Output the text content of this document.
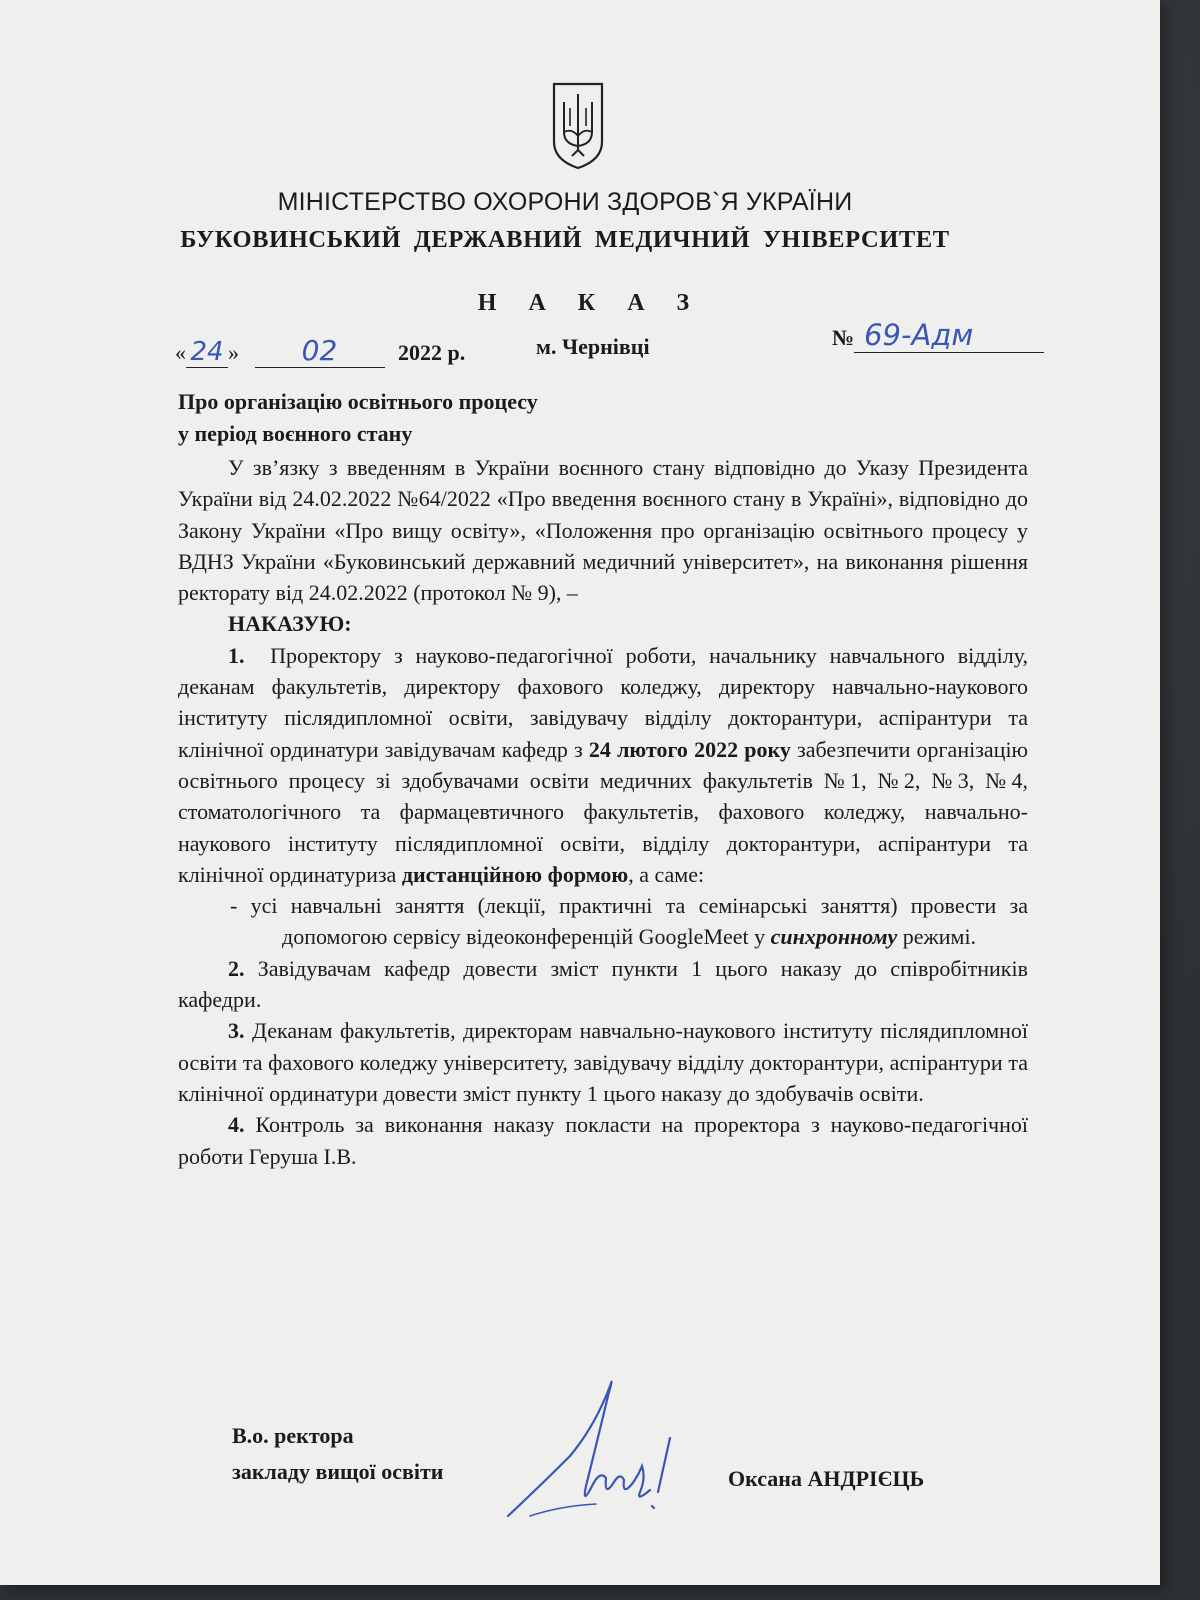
МІНІСТЕРСТВО ОХОРОНИ ЗДОРОВ`Я УКРАЇНИ
БУКОВИНСЬКИЙ ДЕРЖАВНИЙ МЕДИЧНИЙ УНІВЕРСИТЕТ
Н А К А З
« 24 » 02	2022 р.	м. Чернівці	№ 69-Адм
Про організацію освітнього процесу
у період воєнного стану

У зв’язку з введенням в України воєнного стану відповідно до Указу Президента України від 24.02.2022 №64/2022 «Про введення воєнного стану в Україні», відповідно до Закону України «Про вищу освіту», «Положення про організацію освітнього процесу у ВДНЗ України «Буковинський державний медичний університет», на виконання рішення ректорату від 24.02.2022 (протокол № 9), –

НАКАЗУЮ:

1. Проректору з науково-педагогічної роботи, начальнику навчального відділу, деканам факультетів, директору фахового коледжу, директору навчально-наукового інституту післядипломної освіти, завідувачу відділу докторантури, аспірантури та клінічної ординатури завідувачам кафедр з 24 лютого 2022 року забезпечити організацію освітнього процесу зі здобувачами освіти медичних факультетів №1, №2, №3, №4, стоматологічного та фармацевтичного факультетів, фахового коледжу, навчально-наукового інституту післядипломної освіти, відділу докторантури, аспірантури та клінічної ординатуриза дистанційною формою, а саме:

- усі навчальні заняття (лекції, практичні та семінарські заняття) провести за допомогою сервісу відеоконференцій GoogleMeet у синхронному режимі.

2. Завідувачам кафедр довести зміст пункти 1 цього наказу до співробітників кафедри.

3. Деканам факультетів, директорам навчально-наукового інституту післядипломної освіти та фахового коледжу університету, завідувачу відділу докторантури, аспірантури та клінічної ординатури довести зміст пункту 1 цього наказу до здобувачів освіти.

4. Контроль за виконання наказу покласти на проректора з науково-педагогічної роботи Геруша І.В.

В.о. ректора
закладу вищої освіти	Оксана АНДРІЄЦЬ
